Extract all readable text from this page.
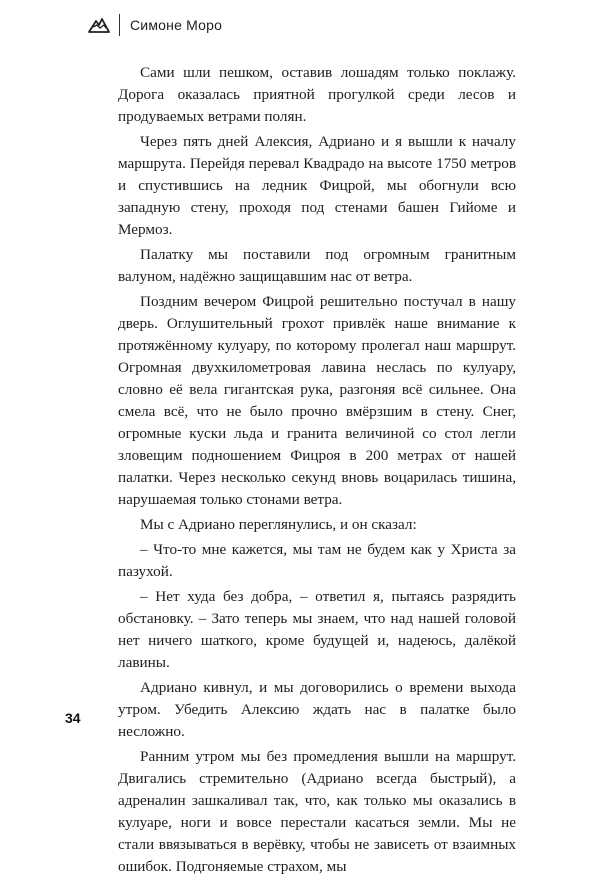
Симоне Моро

Сами шли пешком, оставив лошадям только поклажу. Дорога оказалась приятной прогулкой среди лесов и продуваемых ветрами полян.

Через пять дней Алексия, Адриано и я вышли к началу маршрута. Перейдя перевал Квадрадо на высоте 1750 метров и спустившись на ледник Фицрой, мы обогнули всю западную стену, проходя под стенами башен Гийоме и Мермоз.

Палатку мы поставили под огромным гранитным валуном, надёжно защищавшим нас от ветра.

Поздним вечером Фицрой решительно постучал в нашу дверь. Оглушительный грохот привлёк наше внимание к протяжённому кулуару, по которому пролегал наш маршрут. Огромная двухкилометровая лавина неслась по кулуару, словно её вела гигантская рука, разгоняя всё сильнее. Она смела всё, что не было прочно вмёрзшим в стену. Снег, огромные куски льда и гранита величиной со стол легли зловещим подношением Фицроя в 200 метрах от нашей палатки. Через несколько секунд вновь воцарилась тишина, нарушаемая только стонами ветра.

Мы с Адриано переглянулись, и он сказал:

– Что-то мне кажется, мы там не будем как у Христа за пазухой.

– Нет худа без добра, – ответил я, пытаясь разрядить обстановку. – Зато теперь мы знаем, что над нашей головой нет ничего шаткого, кроме будущей и, надеюсь, далёкой лавины.

Адриано кивнул, и мы договорились о времени выхода утром. Убедить Алексию ждать нас в палатке было несложно.

Ранним утром мы без промедления вышли на маршрут. Двигались стремительно (Адриано всегда быстрый), а адреналин зашкаливал так, что, как только мы оказались в кулуаре, ноги и вовсе перестали касаться земли. Мы не стали ввязываться в верёвку, чтобы не зависеть от взаимных ошибок. Подгоняемые страхом, мы

34
